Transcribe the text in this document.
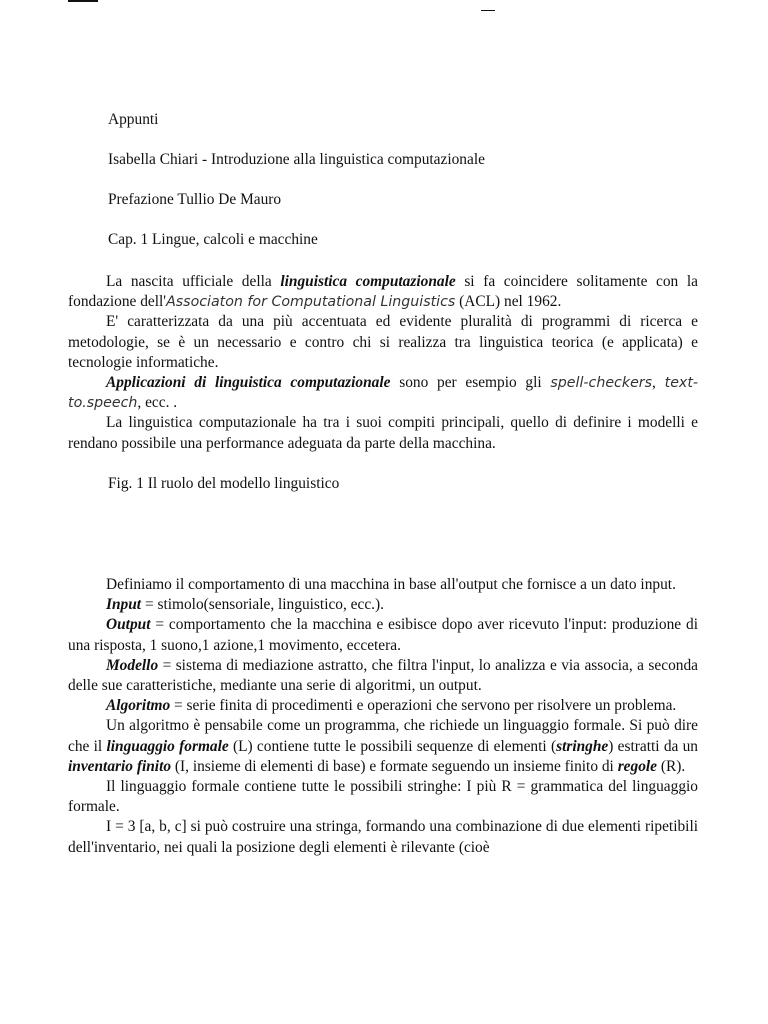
Appunti
Isabella Chiari - Introduzione alla linguistica computazionale
Prefazione Tullio De Mauro
Cap. 1 Lingue, calcoli e macchine

La nascita ufficiale della linguistica computazionale si fa coincidere solitamente con la fondazione dell'Associaton for Computational Linguistics (ACL) nel 1962.

E' caratterizzata da una più accentuata ed evidente pluralità di programmi di ricerca e metodologie, se è un necessario e contro chi si realizza tra linguistica teorica (e applicata) e tecnologie informatiche.

Applicazioni di linguistica computazionale sono per esempio gli spell-checkers, text-to.speech, ecc. .

La linguistica computazionale ha tra i suoi compiti principali, quello di definire i modelli e rendano possibile una performance adeguata da parte della macchina.

Fig. 1 Il ruolo del modello linguistico

Definiamo il comportamento di una macchina in base all'output che fornisce a un dato input.

Input = stimolo(sensoriale, linguistico, ecc.).

Output = comportamento che la macchina e esibisce dopo aver ricevuto l'input: produzione di una risposta, 1 suono,1 azione,1 movimento, eccetera.

Modello = sistema di mediazione astratto, che filtra l'input, lo analizza e via associa, a seconda delle sue caratteristiche, mediante una serie di algoritmi, un output.

Algoritmo = serie finita di procedimenti e operazioni che servono per risolvere un problema.

Un algoritmo è pensabile come un programma, che richiede un linguaggio formale. Si può dire che il linguaggio formale (L) contiene tutte le possibili sequenze di elementi (stringhe) estratti da un inventario finito (I, insieme di elementi di base) e formate seguendo un insieme finito di regole (R).

Il linguaggio formale contiene tutte le possibili stringhe: I più R = grammatica del linguaggio formale.

I = 3 [a, b, c] si può costruire una stringa, formando una combinazione di due elementi ripetibili dell'inventario, nei quali la posizione degli elementi è rilevante (cioè
